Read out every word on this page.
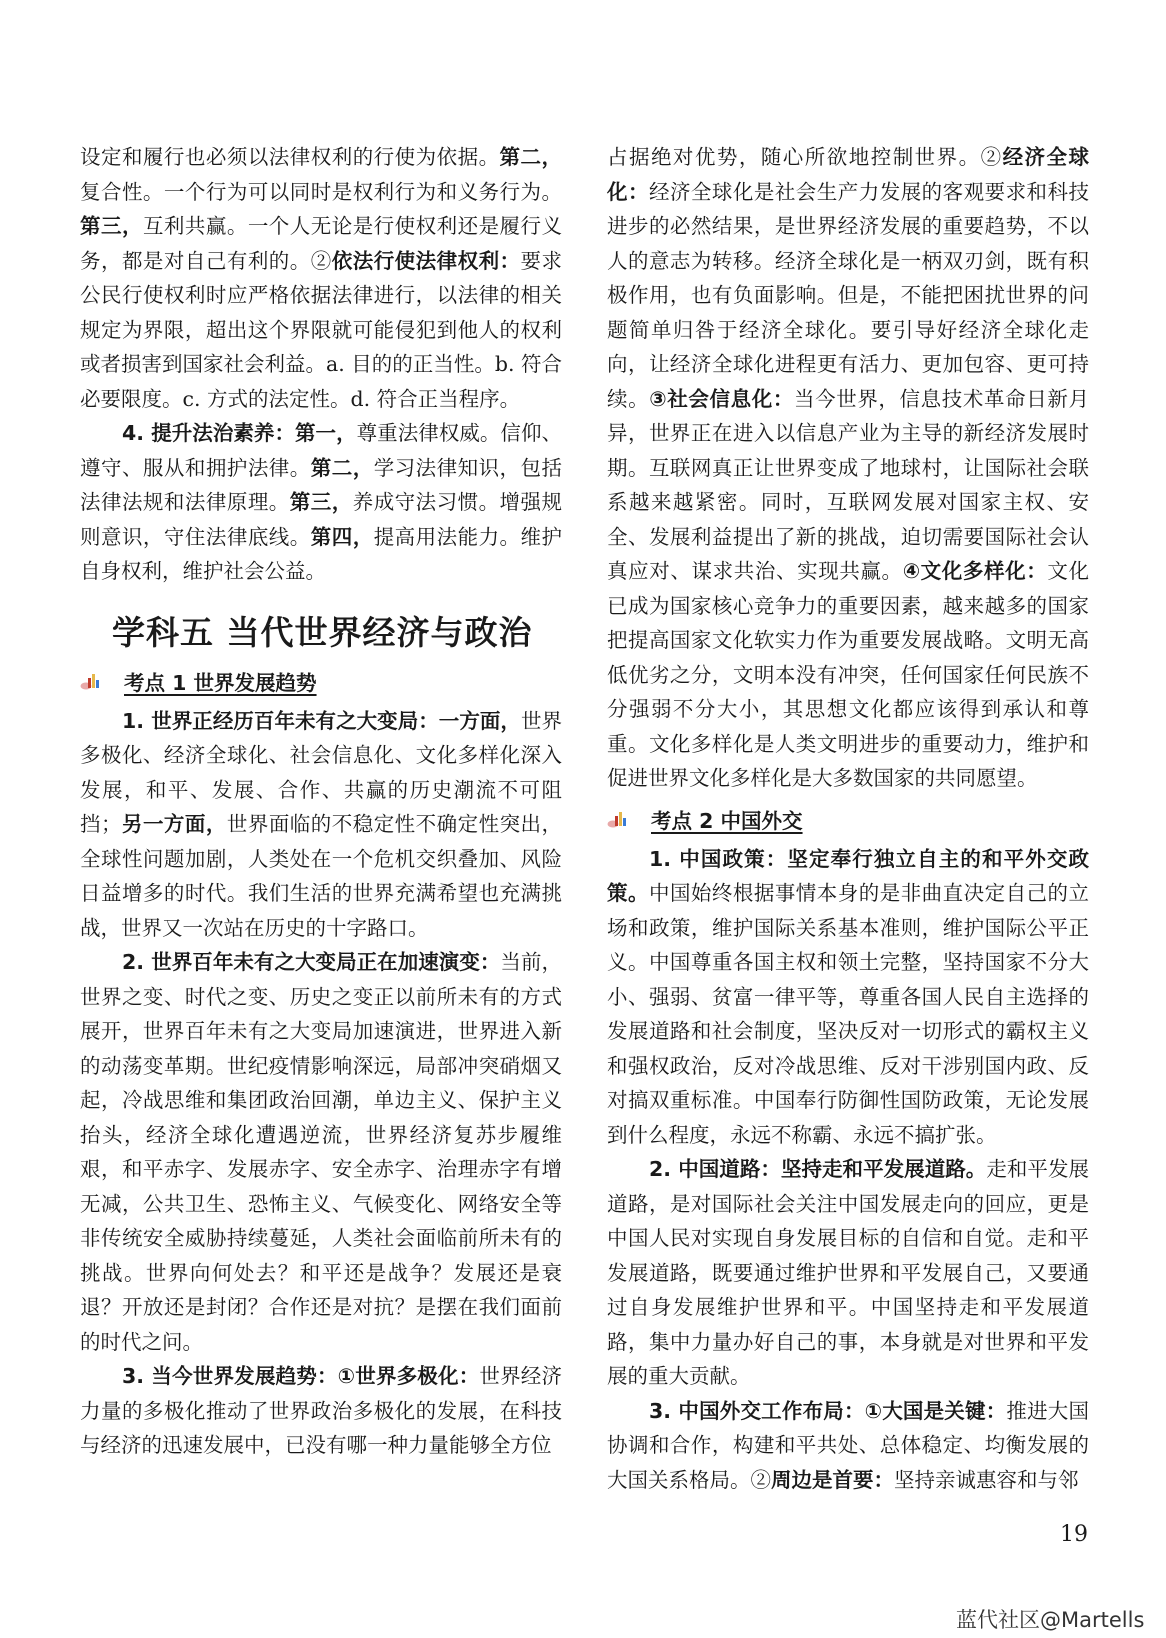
设定和履行也必须以法律权利的行使为依据。第二，复合性。一个行为可以同时是权利行为和义务行为。第三，互利共赢。一个人无论是行使权利还是履行义务，都是对自己有利的。②依法行使法律权利：要求公民行使权利时应严格依据法律进行，以法律的相关规定为界限，超出这个界限就可能侵犯到他人的权利或者损害到国家社会利益。a. 目的的正当性。b. 符合必要限度。c. 方式的法定性。d. 符合正当程序。

4. 提升法治素养：第一，尊重法律权威。信仰、遵守、服从和拥护法律。第二，学习法律知识，包括法律法规和法律原理。第三，养成守法习惯。增强规则意识，守住法律底线。第四，提高用法能力。维护自身权利，维护社会公益。

学科五 当代世界经济与政治
考点 1 世界发展趋势

1. 世界正经历百年未有之大变局：一方面，世界多极化、经济全球化、社会信息化、文化多样化深入发展，和平、发展、合作、共赢的历史潮流不可阻挡；另一方面，世界面临的不稳定性不确定性突出，全球性问题加剧，人类处在一个危机交织叠加、风险日益增多的时代。我们生活的世界充满希望也充满挑战，世界又一次站在历史的十字路口。

2. 世界百年未有之大变局正在加速演变：当前，世界之变、时代之变、历史之变正以前所未有的方式展开，世界百年未有之大变局加速演进，世界进入新的动荡变革期。世纪疫情影响深远，局部冲突硝烟又起，冷战思维和集团政治回潮，单边主义、保护主义抬头，经济全球化遭遇逆流，世界经济复苏步履维艰，和平赤字、发展赤字、安全赤字、治理赤字有增无减，公共卫生、恐怖主义、气候变化、网络安全等非传统安全威胁持续蔓延，人类社会面临前所未有的挑战。世界向何处去？和平还是战争？发展还是衰退？开放还是封闭？合作还是对抗？是摆在我们面前的时代之问。

3. 当今世界发展趋势：①世界多极化：世界经济力量的多极化推动了世界政治多极化的发展，在科技与经济的迅速发展中，已没有哪一种力量能够全方位

占据绝对优势，随心所欲地控制世界。②经济全球化：经济全球化是社会生产力发展的客观要求和科技进步的必然结果，是世界经济发展的重要趋势，不以人的意志为转移。经济全球化是一柄双刃剑，既有积极作用，也有负面影响。但是，不能把困扰世界的问题简单归咎于经济全球化。要引导好经济全球化走向，让经济全球化进程更有活力、更加包容、更可持续。③社会信息化：当今世界，信息技术革命日新月异，世界正在进入以信息产业为主导的新经济发展时期。互联网真正让世界变成了地球村，让国际社会联系越来越紧密。同时，互联网发展对国家主权、安全、发展利益提出了新的挑战，迫切需要国际社会认真应对、谋求共治、实现共赢。④文化多样化：文化已成为国家核心竞争力的重要因素，越来越多的国家把提高国家文化软实力作为重要发展战略。文明无高低优劣之分，文明本没有冲突，任何国家任何民族不分强弱不分大小，其思想文化都应该得到承认和尊重。文化多样化是人类文明进步的重要动力，维护和促进世界文化多样化是大多数国家的共同愿望。

考点 2 中国外交

1. 中国政策：坚定奉行独立自主的和平外交政策。中国始终根据事情本身的是非曲直决定自己的立场和政策，维护国际关系基本准则，维护国际公平正义。中国尊重各国主权和领土完整，坚持国家不分大小、强弱、贫富一律平等，尊重各国人民自主选择的发展道路和社会制度，坚决反对一切形式的霸权主义和强权政治，反对冷战思维、反对干涉别国内政、反对搞双重标准。中国奉行防御性国防政策，无论发展到什么程度，永远不称霸、永远不搞扩张。

2. 中国道路：坚持走和平发展道路。走和平发展道路，是对国际社会关注中国发展走向的回应，更是中国人民对实现自身发展目标的自信和自觉。走和平发展道路，既要通过维护世界和平发展自己，又要通过自身发展维护世界和平。中国坚持走和平发展道路，集中力量办好自己的事，本身就是对世界和平发展的重大贡献。

3. 中国外交工作布局：①大国是关键：推进大国协调和合作，构建和平共处、总体稳定、均衡发展的大国关系格局。②周边是首要：坚持亲诚惠容和与邻

19
蓝代社区@Martells
